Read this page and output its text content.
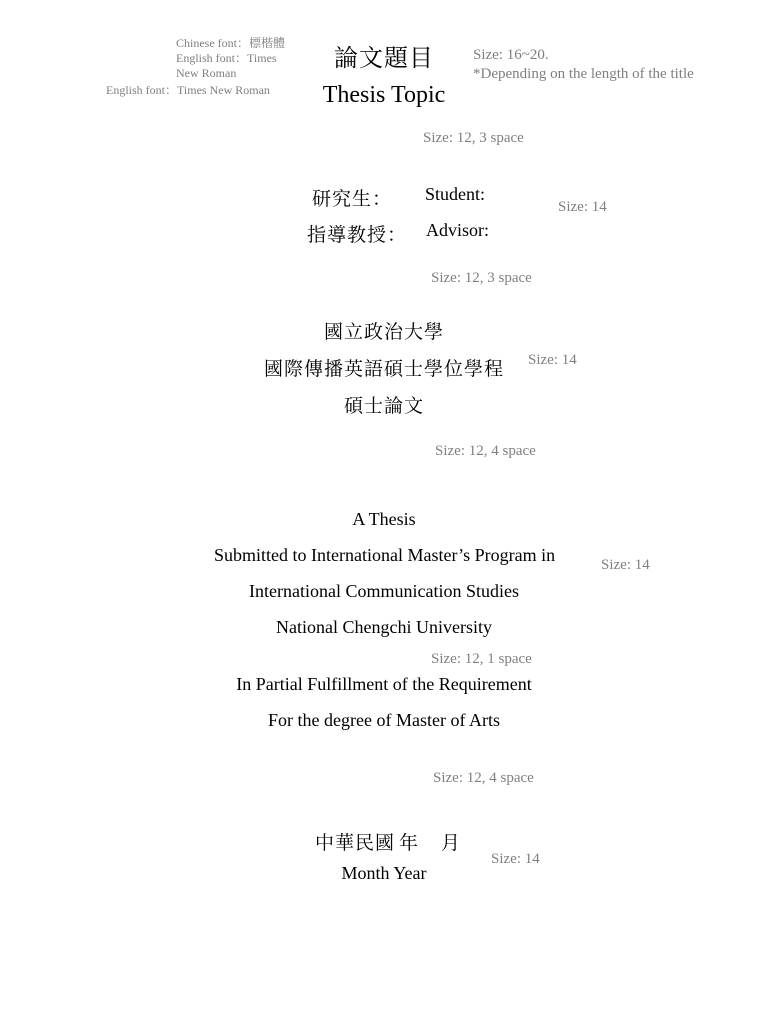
Chinese font：標楷體
English font：Times
New Roman
English font：Times New Roman
論文題目
Thesis Topic
Size: 16~20.
*Depending on the length of the title
Size: 12, 3 space
研究生： Student:
指導教授： Advisor:
Size: 14
Size: 12, 3 space
國立政治大學
國際傳播英語碩士學位學程
碩士論文
Size: 14
Size: 12, 4 space
A Thesis
Submitted to International Master’s Program in
International Communication Studies
National Chengchi University
Size: 14
Size: 12, 1 space
In Partial Fulfillment of the Requirement
For the degree of Master of Arts
Size: 12, 4 space
中華民國 年 月
Month Year
Size: 14
